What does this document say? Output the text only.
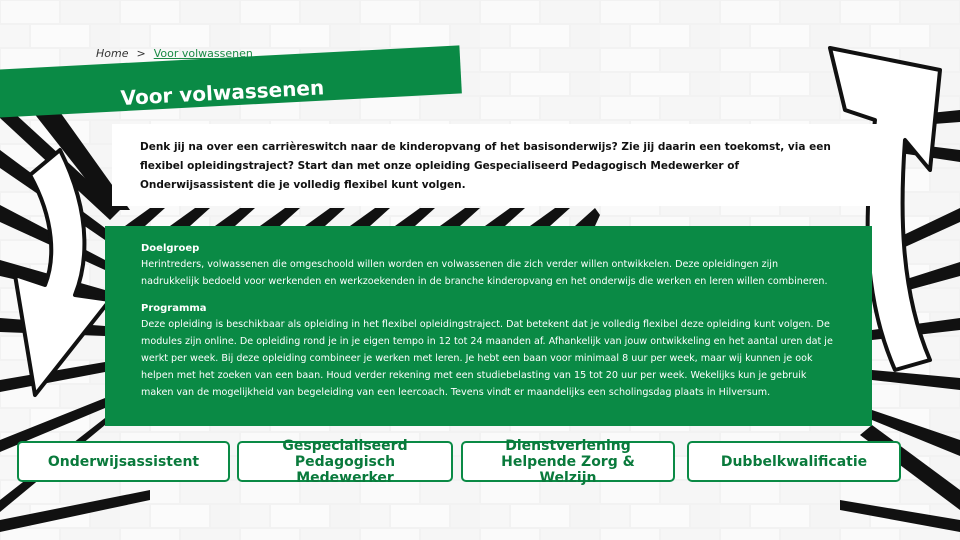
Home > Voor volwassenen
Voor volwassenen
Denk jij na over een carrièreswitch naar de kinderopvang of het basisonderwijs? Zie jij daarin een toekomst, via een flexibel opleidingstraject? Start dan met onze opleiding Gespecialiseerd Pedagogisch Medewerker of Onderwijsassistent die je volledig flexibel kunt volgen.
Doelgroep

Herintreders, volwassenen die omgeschoold willen worden en volwassenen die zich verder willen ontwikkelen. Deze opleidingen zijn nadrukkelijk bedoeld voor werkenden en werkzoekenden in de branche kinderopvang en het onderwijs die werken en leren willen combineren.

Programma

Deze opleiding is beschikbaar als opleiding in het flexibel opleidingstraject. Dat betekent dat je volledig flexibel deze opleiding kunt volgen. De modules zijn online. De opleiding rond je in je eigen tempo in 12 tot 24 maanden af. Afhankelijk van jouw ontwikkeling en het aantal uren dat je werkt per week. Bij deze opleiding combineer je werken met leren. Je hebt een baan voor minimaal 8 uur per week, maar wij kunnen je ook helpen met het zoeken van een baan. Houd verder rekening met een studiebelasting van 15 tot 20 uur per week. Wekelijks kun je gebruik maken van de mogelijkheid van begeleiding van een leercoach. Tevens vindt er maandelijks een scholingsdag plaats in Hilversum.

Onderwijsassistent
Gespecialiseerd Pedagogisch Medewerker
Dienstverlening Helpende Zorg & Welzijn
Dubbelkwalificatie
